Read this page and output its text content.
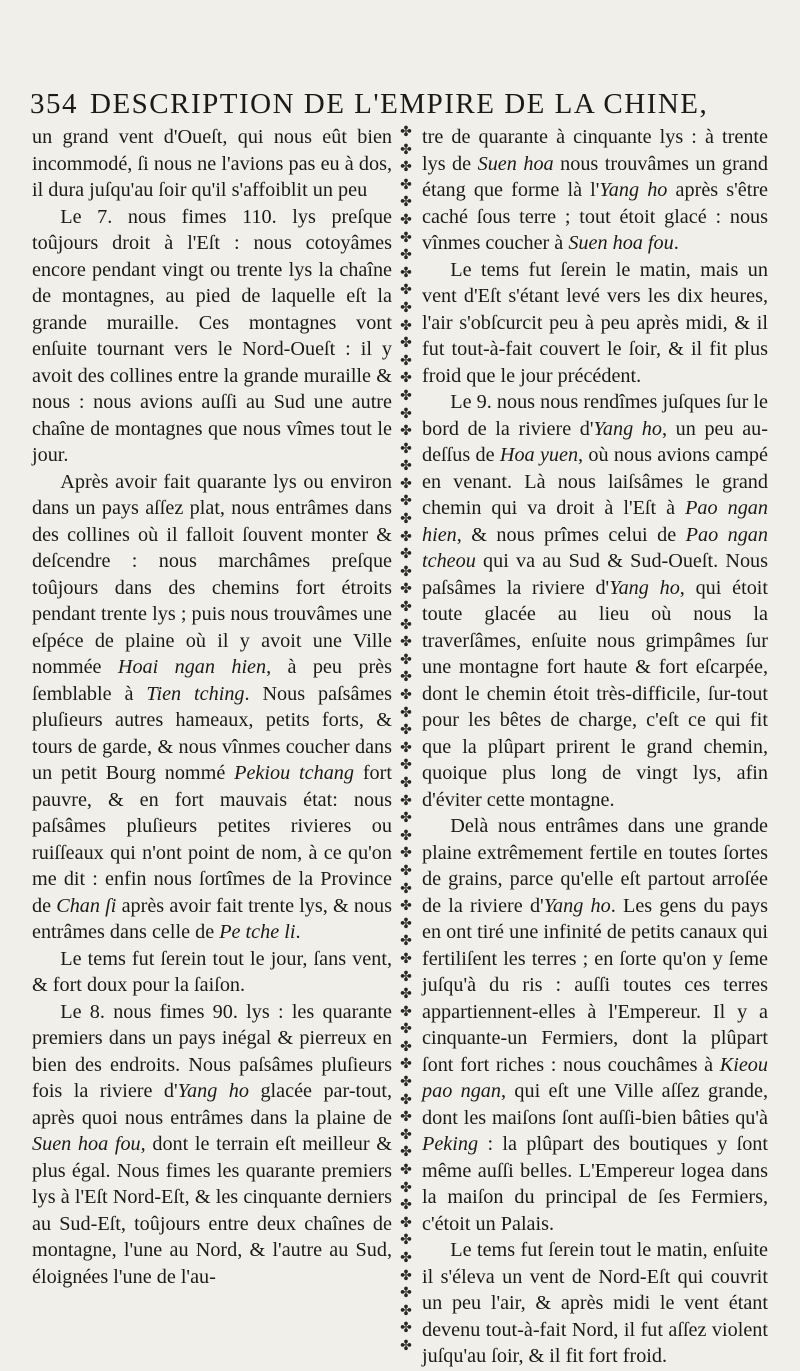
354 DESCRIPTION DE L'EMPIRE DE LA CHINE,

un grand vent d'Oueſt, qui nous eût bien incommodé, ſi nous ne l'avions pas eu à dos, il dura juſqu'au ſoir qu'il s'affoiblit un peu

Le 7. nous fimes 110. lys preſque toûjours droit à l'Eſt : nous cotoyâmes encore pendant vingt ou trente lys la chaîne de montagnes, au pied de laquelle eſt la grande muraille. Ces montagnes vont enſuite tournant vers le Nord-Oueſt : il y avoit des collines entre la grande muraille & nous : nous avions auſſi au Sud une autre chaîne de montagnes que nous vîmes tout le jour.

Après avoir fait quarante lys ou environ dans un pays aſſez plat, nous entrâmes dans des collines où il falloit ſouvent monter & deſcendre : nous marchâmes preſque toûjours dans des chemins fort étroits pendant trente lys ; puis nous trouvâmes une eſpéce de plaine où il y avoit une Ville nommée Hoai ngan hien, à peu près ſemblable à Tien tching. Nous paſsâmes pluſieurs autres hameaux, petits forts, & tours de garde, & nous vînmes coucher dans un petit Bourg nommé Pekiou tchang fort pauvre, & en fort mauvais état: nous paſsâmes pluſieurs petites rivieres ou ruiſſeaux qui n'ont point de nom, à ce qu'on me dit : enfin nous ſortîmes de la Province de Chan ſi après avoir fait trente lys, & nous entrâmes dans celle de Pe tche li.

Le tems fut ſerein tout le jour, ſans vent, & fort doux pour la ſaiſon.

Le 8. nous fimes 90. lys : les quarante premiers dans un pays inégal & pierreux en bien des endroits. Nous paſsâmes pluſieurs fois la riviere d'Yang ho glacée par-tout, après quoi nous entrâmes dans la plaine de Suen hoa fou, dont le terrain eſt meilleur & plus égal. Nous fimes les quarante premiers lys à l'Eſt Nord-Eſt, & les cinquante derniers au Sud-Eſt, toûjours entre deux chaînes de montagne, l'une au Nord, & l'autre au Sud, éloignées l'une de l'au-

✤
✤
✤
✤
✤
✤
✤
✤
✤
✤
✤
✤
✤
✤
✤
✤
✤
✤
✤
✤
✤
✤
✤
✤
✤
✤
✤
✤
✤
✤
✤
✤
✤
✤
✤
✤
✤
✤
✤
✤
✤
✤
✤
✤
✤
✤
✤
✤
✤
✤
✤
✤
✤
✤
✤
✤
✤
✤
✤
✤
✤
✤
✤
✤
✤
✤
✤
✤
✤
✤

tre de quarante à cinquante lys : à trente lys de Suen hoa nous trouvâmes un grand étang que forme là l'Yang ho après s'être caché ſous terre ; tout étoit glacé : nous vînmes coucher à Suen hoa fou.

Le tems fut ſerein le matin, mais un vent d'Eſt s'étant levé vers les dix heures, l'air s'obſcurcit peu à peu après midi, & il fut tout-à-fait couvert le ſoir, & il fit plus froid que le jour précédent.

Le 9. nous nous rendîmes juſques ſur le bord de la riviere d'Yang ho, un peu au-deſſus de Hoa yuen, où nous avions campé en venant. Là nous laiſsâmes le grand chemin qui va droit à l'Eſt à Pao ngan hien, & nous prîmes celui de Pao ngan tcheou qui va au Sud & Sud-Oueſt. Nous paſsâmes la riviere d'Yang ho, qui étoit toute glacée au lieu où nous la traverſâmes, enſuite nous grimpâmes ſur une montagne fort haute & fort eſcarpée, dont le chemin étoit très-difficile, ſur-tout pour les bêtes de charge, c'eſt ce qui fit que la plûpart prirent le grand chemin, quoique plus long de vingt lys, afin d'éviter cette montagne.

Delà nous entrâmes dans une grande plaine extrêmement fertile en toutes ſortes de grains, parce qu'elle eſt partout arroſée de la riviere d'Yang ho. Les gens du pays en ont tiré une infinité de petits canaux qui fertiliſent les terres ; en ſorte qu'on y ſeme juſqu'à du ris : auſſi toutes ces terres appartiennent-elles à l'Empereur. Il y a cinquante-un Fermiers, dont la plûpart ſont fort riches : nous couchâmes à Kieou pao ngan, qui eſt une Ville aſſez grande, dont les maiſons ſont auſſi-bien bâties qu'à Peking : la plûpart des boutiques y ſont même auſſi belles. L'Empereur logea dans la maiſon du principal de ſes Fermiers, c'étoit un Palais.

Le tems fut ſerein tout le matin, enſuite il s'éleva un vent de Nord-Eſt qui couvrit un peu l'air, & après midi le vent étant devenu tout-à-fait Nord, il fut aſſez violent juſqu'au ſoir, & il fit fort froid.
